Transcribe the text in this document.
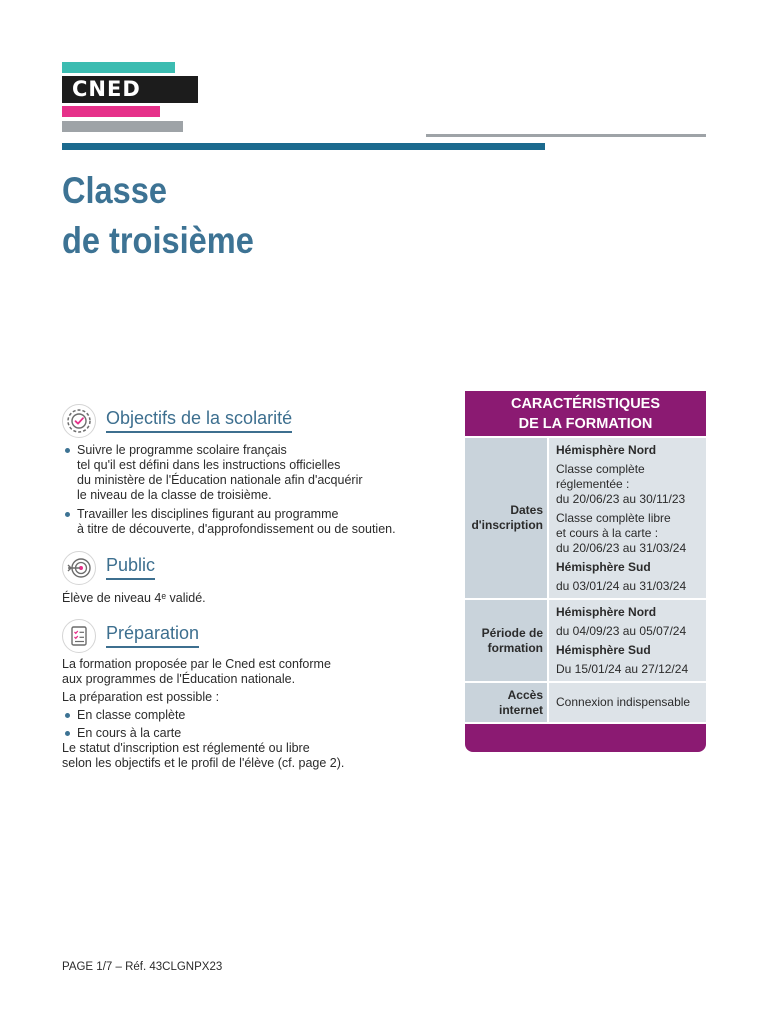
CNED
Classe
de troisième
Objectifs de la scolarité
Suivre le programme scolaire français
tel qu'il est défini dans les instructions officielles
du ministère de l'Éducation nationale afin d'acquérir
le niveau de la classe de troisième.
Travailler les disciplines figurant au programme
à titre de découverte, d'approfondissement ou de soutien.
Public

Élève de niveau 4ᵉ validé.

Préparation

La formation proposée par le Cned est conforme

aux programmes de l'Éducation nationale.

La préparation est possible :

En classe complète
En cours à la carte

Le statut d'inscription est réglementé ou libre

selon les objectifs et le profil de l'élève (cf. page 2).

CARACTÉRISTIQUES
DE LA FORMATION
Dates
d'inscription

Hémisphère Nord

Classe complète
réglementée :
du 20/06/23 au 30/11/23

Classe complète libre
et cours à la carte :
du 20/06/23 au 31/03/24

Hémisphère Sud

du 03/01/24 au 31/03/24

Période de
formation

Hémisphère Nord

du 04/09/23 au 05/07/24

Hémisphère Sud

Du 15/01/24 au 27/12/24

Accès
internet
Connexion indispensable
PAGE 1/7 – Réf. 43CLGNPX23
